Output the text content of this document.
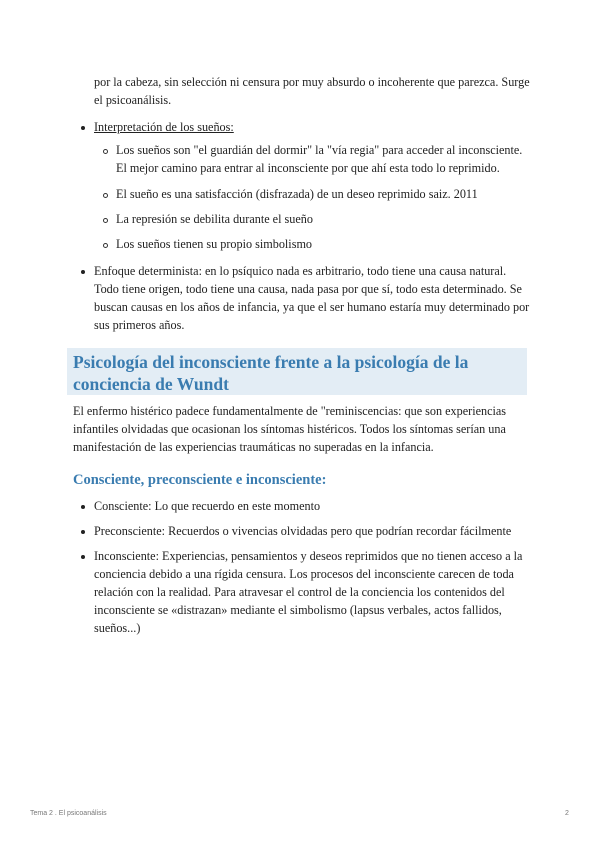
por la cabeza, sin selección ni censura por muy absurdo o incoherente que parezca. Surge
el psicoanálisis.
Interpretación de los sueños:
Los sueños son "el guardián del dormir" la "vía regia" para acceder al inconsciente.
El mejor camino para entrar al inconsciente por que ahí esta todo lo reprimido.
El sueño es una satisfacción (disfrazada) de un deseo reprimido saiz. 2011
La represión se debilita durante el sueño
Los sueños tienen su propio simbolismo
Enfoque determinista: en lo psíquico nada es arbitrario, todo tiene una causa natural.
Todo tiene origen, todo tiene una causa, nada pasa por que sí, todo esta determinado. Se
buscan causas en los años de infancia, ya que el ser humano estaría muy determinado por
sus primeros años.
Psicología del inconsciente frente a la psicología de la
conciencia de Wundt
El enfermo histérico padece fundamentalmente de "reminiscencias: que son experiencias
infantiles olvidadas que ocasionan los síntomas histéricos. Todos los síntomas serían una
manifestación de las experiencias traumáticas no superadas en la infancia.
Consciente, preconsciente e inconsciente:
Consciente: Lo que recuerdo en este momento
Preconsciente: Recuerdos o vivencias olvidadas pero que podrían recordar fácilmente
Inconsciente: Experiencias, pensamientos y deseos reprimidos que no tienen acceso a la
conciencia debido a una rígida censura. Los procesos del inconsciente carecen de toda
relación con la realidad. Para atravesar el control de la conciencia los contenidos del
inconsciente se «distrazan» mediante el simbolismo (lapsus verbales, actos fallidos,
sueños...)
Tema 2 . El psicoanálisis	2
